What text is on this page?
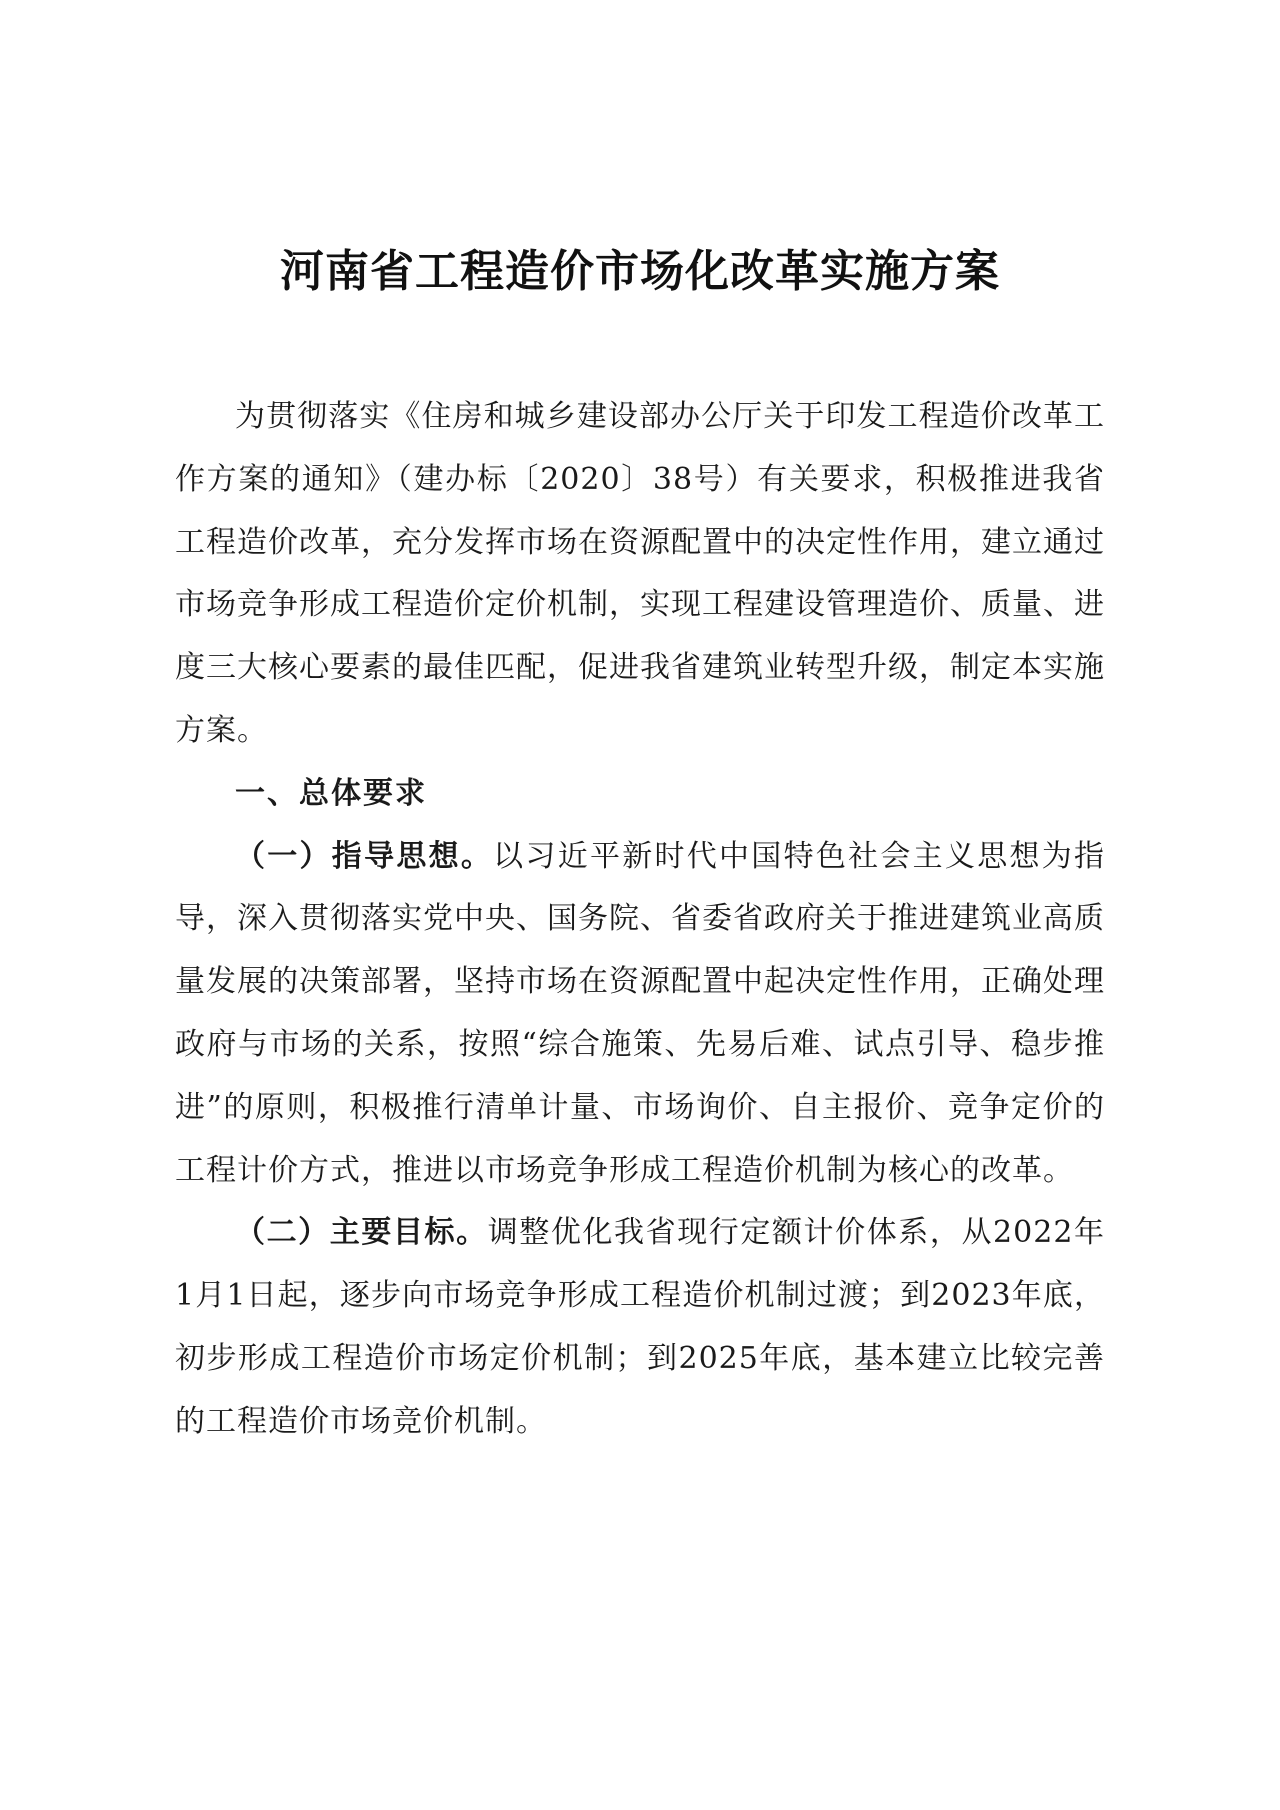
河南省工程造价市场化改革实施方案

为贯彻落实《住房和城乡建设部办公厅关于印发工程造价改革工作方案的通知》（建办标〔2020〕38号）有关要求，积极推进我省工程造价改革，充分发挥市场在资源配置中的决定性作用，建立通过市场竞争形成工程造价定价机制，实现工程建设管理造价、质量、进度三大核心要素的最佳匹配，促进我省建筑业转型升级，制定本实施方案。

一、总体要求

（一）指导思想。以习近平新时代中国特色社会主义思想为指导，深入贯彻落实党中央、国务院、省委省政府关于推进建筑业高质量发展的决策部署，坚持市场在资源配置中起决定性作用，正确处理政府与市场的关系，按照“综合施策、先易后难、试点引导、稳步推进”的原则，积极推行清单计量、市场询价、自主报价、竞争定价的工程计价方式，推进以市场竞争形成工程造价机制为核心的改革。

（二）主要目标。调整优化我省现行定额计价体系，从2022年1月1日起，逐步向市场竞争形成工程造价机制过渡；到2023年底，初步形成工程造价市场定价机制；到2025年底，基本建立比较完善的工程造价市场竞价机制。
